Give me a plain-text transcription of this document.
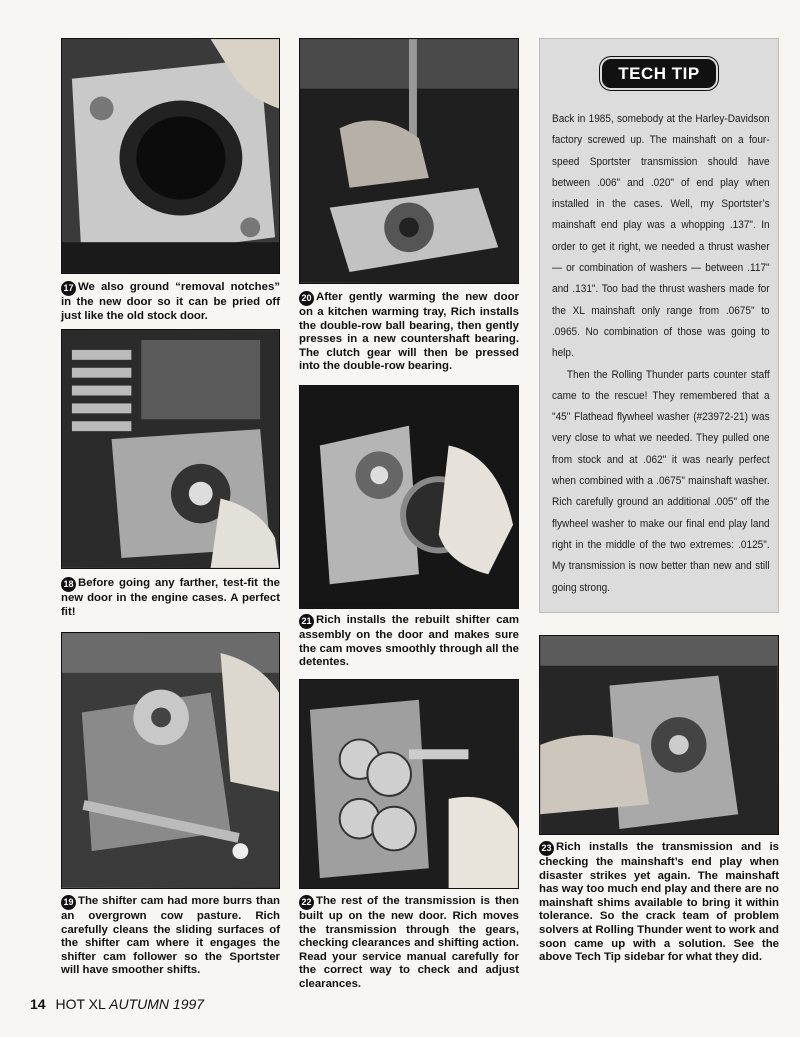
17 We also ground “removal notches” in the new door so it can be pried off just like the old stock door.
18 Before going any farther, test-fit the new door in the engine cases. A perfect fit!
19 The shifter cam had more burrs than an overgrown cow pasture. Rich carefully cleans the sliding surfaces of the shifter cam where it engages the shifter cam follower so the Sportster will have smoother shifts.
20 After gently warming the new door on a kitchen warming tray, Rich installs the double-row ball bearing, then gently presses in a new countershaft bearing. The clutch gear will then be pressed into the double-row bearing.
21 Rich installs the rebuilt shifter cam assembly on the door and makes sure the cam moves smoothly through all the detentes.
22 The rest of the transmission is then built up on the new door. Rich moves the transmission through the gears, checking clearances and shifting action. Read your service manual carefully for the correct way to check and adjust clearances.
TECH TIP

Back in 1985, somebody at the Harley-Davidson factory screwed up. The mainshaft on a four-speed Sportster transmission should have between .006" and .020" of end play when installed in the cases. Well, my Sportster’s mainshaft end play was a whopping .137". In order to get it right, we needed a thrust washer — or combination of washers — between .117" and .131". Too bad the thrust washers made for the XL mainshaft only range from .0675" to .0965. No combination of those was going to help.

Then the Rolling Thunder parts counter staff came to the rescue! They remembered that a "45" Flathead flywheel washer (#23972-21) was very close to what we needed. They pulled one from stock and at .062" it was nearly perfect when combined with a .0675" mainshaft washer. Rich carefully ground an additional .005" off the flywheel washer to make our final end play land right in the middle of the two extremes: .0125". My transmission is now better than new and still going strong.

23 Rich installs the transmission and is checking the mainshaft’s end play when disaster strikes yet again. The mainshaft has way too much end play and there are no mainshaft shims available to bring it within tolerance. So the crack team of problem solvers at Rolling Thunder went to work and soon came up with a solution. See the above Tech Tip sidebar for what they did.
14 HOT XL AUTUMN 1997
